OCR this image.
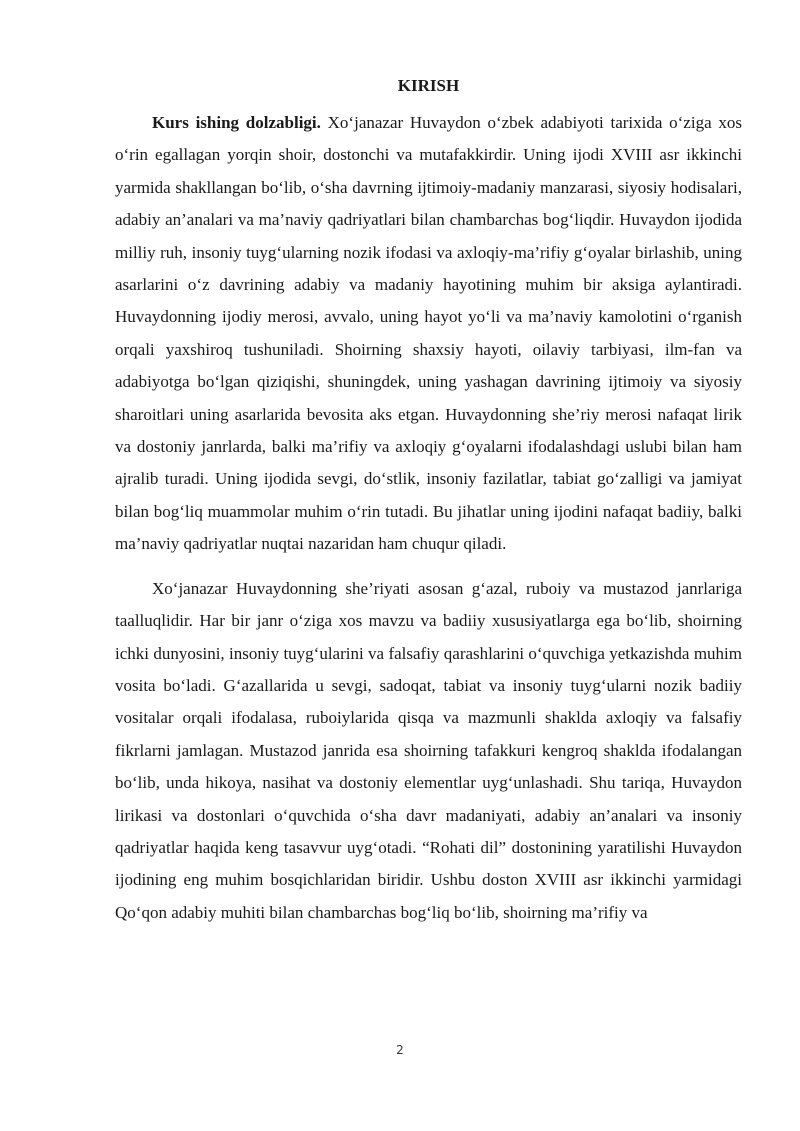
KIRISH

Kurs ishing dolzabligi. Xo‘janazar Huvaydon o‘zbek adabiyoti tarixida o‘ziga xos o‘rin egallagan yorqin shoir, dostonchi va mutafakkirdir. Uning ijodi XVIII asr ikkinchi yarmida shakllangan bo‘lib, o‘sha davrning ijtimoiy-madaniy manzarasi, siyosiy hodisalari, adabiy an’analari va ma’naviy qadriyatlari bilan chambarchas bog‘liqdir. Huvaydon ijodida milliy ruh, insoniy tuyg‘ularning nozik ifodasi va axloqiy-ma’rifiy g‘oyalar birlashib, uning asarlarini o‘z davrining adabiy va madaniy hayotining muhim bir aksiga aylantiradi. Huvaydonning ijodiy merosi, avvalo, uning hayot yo‘li va ma’naviy kamolotini o‘rganish orqali yaxshiroq tushuniladi. Shoirning shaxsiy hayoti, oilaviy tarbiyasi, ilm-fan va adabiyotga bo‘lgan qiziqishi, shuningdek, uning yashagan davrining ijtimoiy va siyosiy sharoitlari uning asarlarida bevosita aks etgan. Huvaydonning she’riy merosi nafaqat lirik va dostoniy janrlarda, balki ma’rifiy va axloqiy g‘oyalarni ifodalashdagi uslubi bilan ham ajralib turadi. Uning ijodida sevgi, do‘stlik, insoniy fazilatlar, tabiat go‘zalligi va jamiyat bilan bog‘liq muammolar muhim o‘rin tutadi. Bu jihatlar uning ijodini nafaqat badiiy, balki ma’naviy qadriyatlar nuqtai nazaridan ham chuqur qiladi.

Xo‘janazar Huvaydonning she’riyati asosan g‘azal, ruboiy va mustazod janrlariga taalluqlidir. Har bir janr o‘ziga xos mavzu va badiiy xususiyatlarga ega bo‘lib, shoirning ichki dunyosini, insoniy tuyg‘ularini va falsafiy qarashlarini o‘quvchiga yetkazishda muhim vosita bo‘ladi. G‘azallarida u sevgi, sadoqat, tabiat va insoniy tuyg‘ularni nozik badiiy vositalar orqali ifodalasa, ruboiylarida qisqa va mazmunli shaklda axloqiy va falsafiy fikrlarni jamlagan. Mustazod janrida esa shoirning tafakkuri kengroq shaklda ifodalangan bo‘lib, unda hikoya, nasihat va dostoniy elementlar uyg‘unlashadi. Shu tariqa, Huvaydon lirikasi va dostonlari o‘quvchida o‘sha davr madaniyati, adabiy an’analari va insoniy qadriyatlar haqida keng tasavvur uyg‘otadi. “Rohati dil” dostonining yaratilishi Huvaydon ijodining eng muhim bosqichlaridan biridir. Ushbu doston XVIII asr ikkinchi yarmidagi Qo‘qon adabiy muhiti bilan chambarchas bog‘liq bo‘lib, shoirning ma’rifiy va

2
